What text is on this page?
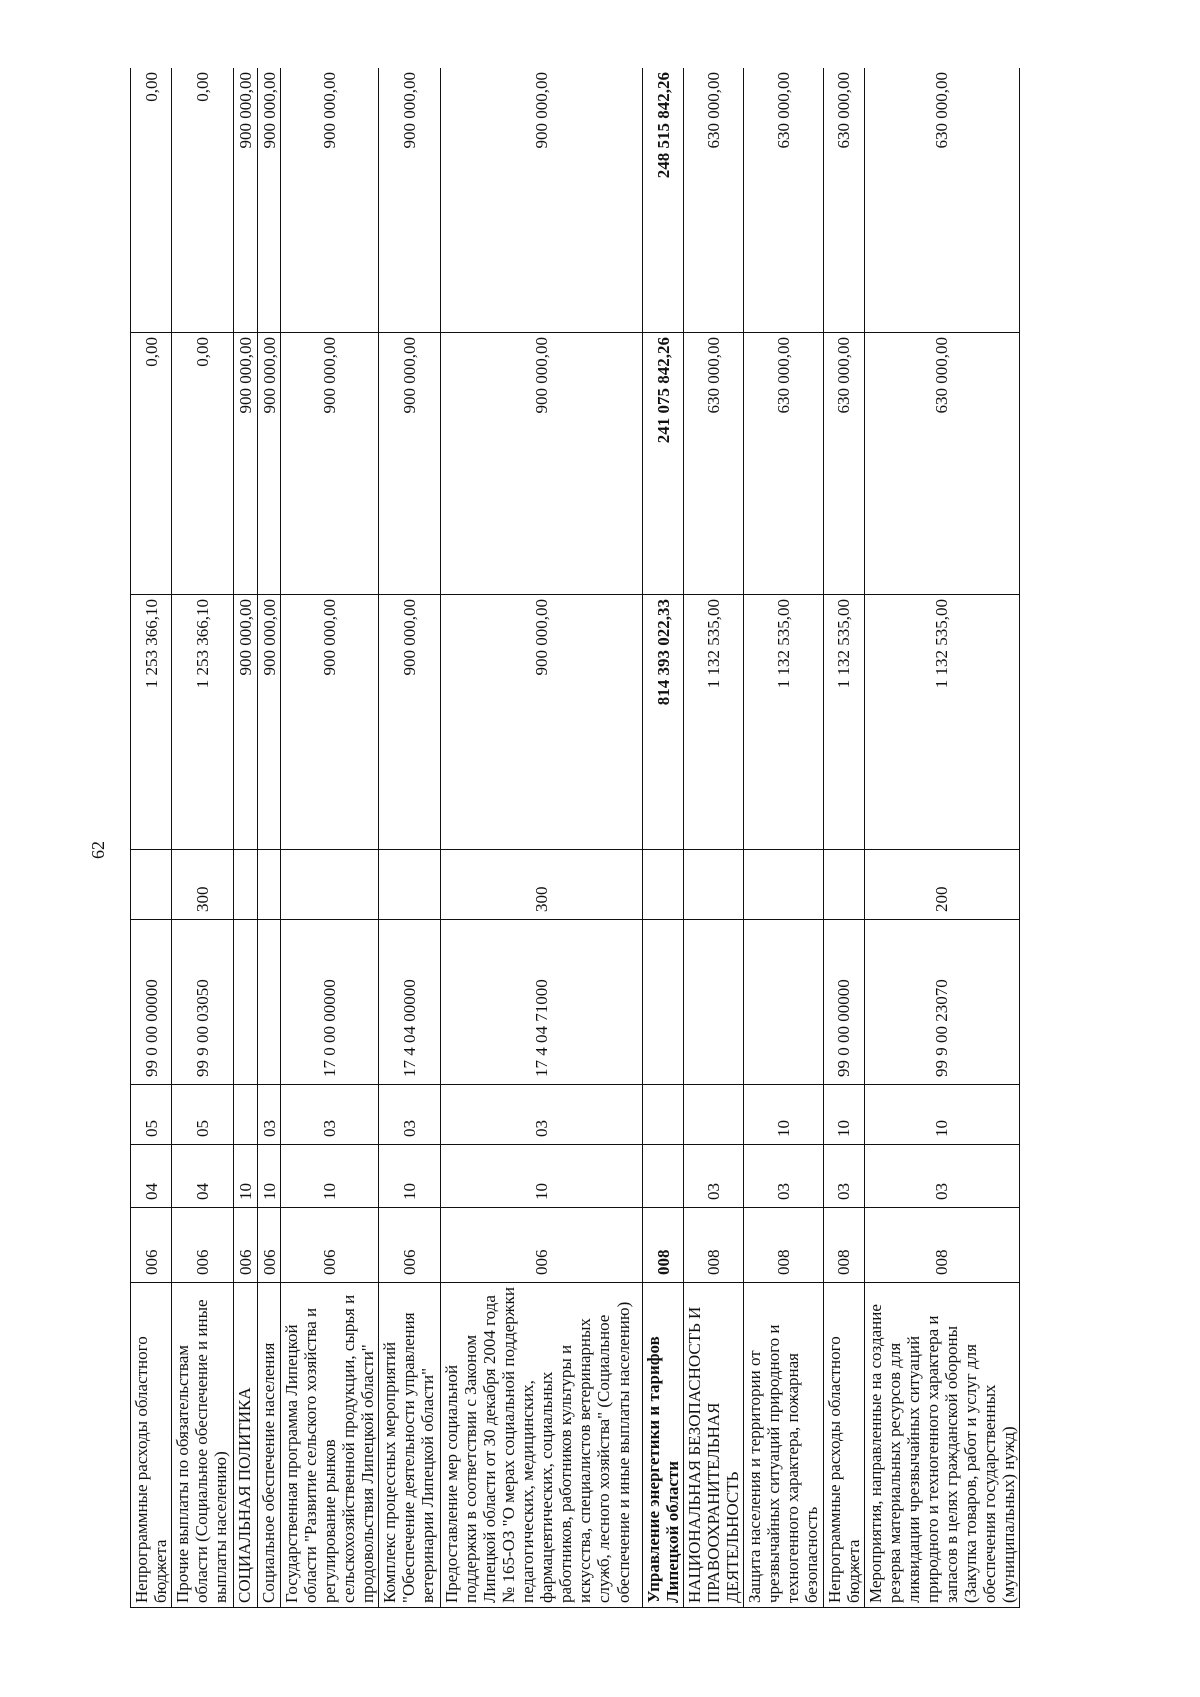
62
Непрограммные расходы областного бюджета	006	04	05	99 0 00 00000		1 253 366,10	0,00	0,00
Прочие выплаты по обязательствам области (Социальное обеспечение и иные выплаты населению)	006	04	05	99 9 00 03050	300	1 253 366,10	0,00	0,00
СОЦИАЛЬНАЯ ПОЛИТИКА	006	10				900 000,00	900 000,00	900 000,00
Социальное обеспечение населения	006	10	03			900 000,00	900 000,00	900 000,00
Государственная программа Липецкой области "Развитие сельского хозяйства и регулирование рынков сельскохозяйственной продукции, сырья и продовольствия Липецкой области"	006	10	03	17 0 00 00000		900 000,00	900 000,00	900 000,00
Комплекс процессных мероприятий "Обеспечение деятельности управления ветеринарии Липецкой области"	006	10	03	17 4 04 00000		900 000,00	900 000,00	900 000,00
Предоставление мер социальной поддержки в соответствии с Законом Липецкой области от 30 декабря 2004 года № 165-ОЗ "О мерах социальной поддержки педагогических, медицинских, фармацевтических, социальных работников, работников культуры и искусства, специалистов ветеринарных служб, лесного хозяйства" (Социальное обеспечение и иные выплаты населению)	006	10	03	17 4 04 71000	300	900 000,00	900 000,00	900 000,00
Управление энергетики и тарифов Липецкой области	008					814 393 022,33	241 075 842,26	248 515 842,26
НАЦИОНАЛЬНАЯ БЕЗОПАСНОСТЬ И ПРАВООХРАНИТЕЛЬНАЯ ДЕЯТЕЛЬНОСТЬ	008	03				1 132 535,00	630 000,00	630 000,00
Защита населения и территории от чрезвычайных ситуаций природного и техногенного характера, пожарная безопасность	008	03	10			1 132 535,00	630 000,00	630 000,00
Непрограммные расходы областного бюджета	008	03	10	99 0 00 00000		1 132 535,00	630 000,00	630 000,00
Мероприятия, направленные на создание резерва материальных ресурсов для ликвидации чрезвычайных ситуаций природного и техногенного характера и запасов в целях гражданской обороны (Закупка товаров, работ и услуг для обеспечения государственных (муниципальных) нужд)	008	03	10	99 9 00 23070	200	1 132 535,00	630 000,00	630 000,00
